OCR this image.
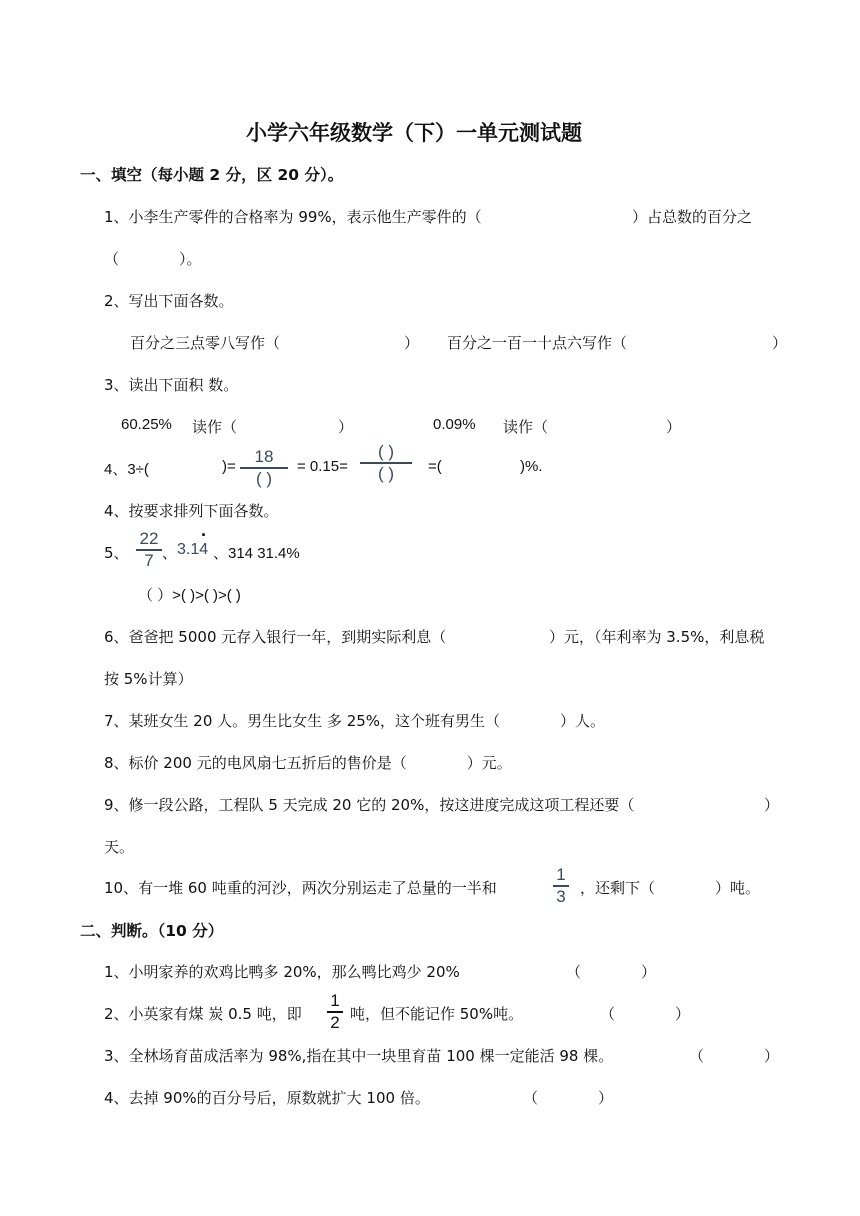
小学六年级数学（下）一单元测试题
一、填空（每小题 2 分，区 20 分）。
1、小李生产零件的合格率为 99%，表示他生产零件的（	）占总数的百分之
（　　　　）。
2、写出下面各数。
百分之三点零八写作（	） 百分之一百一十点六写作（	）
3、读出下面积 数。
60.25% 读作（	）	0.09% 读作（	）
4、3÷(	)=
18
( )
= 0.15=
( )
( ) =(	)%.
4、按要求排列下面各数。
5、
22
7 、 3.14
·
、314 31.4%
（ ）>( )>( )>( )
6、爸爸把 5000 元存入银行一年，到期实际利息（	）元，（年利率为 3.5%，利息税
按 5%计算）
7、某班女生 20 人。男生比女生 多 25%，这个班有男生（　　　　）人。
8、标价 200 元的电风扇七五折后的售价是（　　　　）元。
9、修一段公路，工程队 5 天完成 20 它的 20%，按这进度完成这项工程还要（	）
天。
10、有一堆 60 吨重的河沙，两次分别运走了总量的一半和
1
3 ，还剩下（　　　　）吨。
二、判断。（10 分）
1、小明家养的欢鸡比鸭多 20%，那么鸭比鸡少 20%	（　　　　）
2、小英家有煤 炭 0.5 吨，即
1
2 吨，但不能记作 50%吨。	（　　　　）
3、全林场育苗成活率为 98%,指在其中一块里育苗 100 棵一定能活 98 棵。	（　　　　）
4、去掉 90%的百分号后，原数就扩大 100 倍。	（　　　　）
